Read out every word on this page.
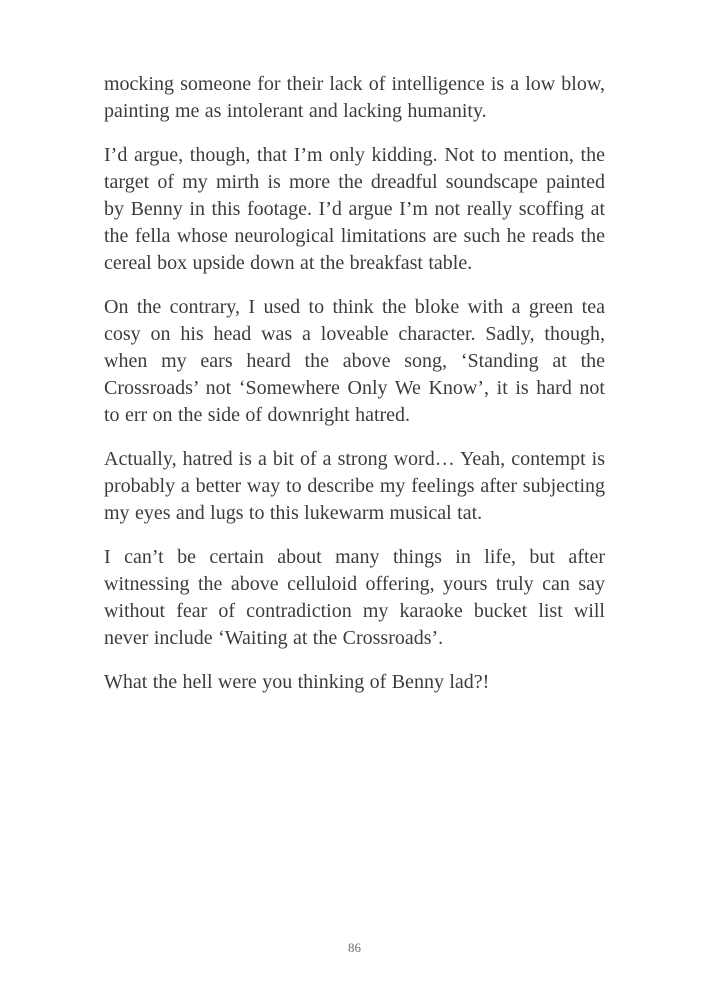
mocking someone for their lack of intelligence is a low blow, painting me as intolerant and lacking humanity.

I’d argue, though, that I’m only kidding. Not to mention, the target of my mirth is more the dreadful soundscape painted by Benny in this footage. I’d argue I’m not really scoffing at the fella whose neurological limitations are such he reads the cereal box upside down at the breakfast table.

On the contrary, I used to think the bloke with a green tea cosy on his head was a loveable character. Sadly, though, when my ears heard the above song, ‘Standing at the Crossroads’ not ‘Somewhere Only We Know’, it is hard not to err on the side of downright hatred.

Actually, hatred is a bit of a strong word… Yeah, contempt is probably a better way to describe my feelings after subjecting my eyes and lugs to this lukewarm musical tat.

I can’t be certain about many things in life, but after witnessing the above celluloid offering, yours truly can say without fear of contradiction my karaoke bucket list will never include ‘Waiting at the Crossroads’.

What the hell were you thinking of Benny lad?!

86
